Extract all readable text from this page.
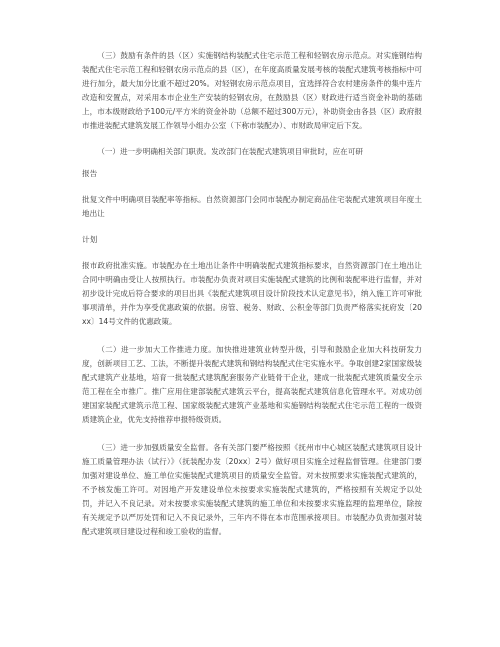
（三）鼓励有条件的县（区）实施钢结构装配式住宅示范工程和轻钢农房示范点。对实施钢结构装配式住宅示范工程和轻钢农房示范点的县（区），在年度高质量发展考核的装配式建筑考核指标中可进行加分，最大加分比重不超过20%。对轻钢农房示范点项目，宜选择符合农村建房条件的集中连片改造和安置点，对采用本市企业生产安装的轻钢农房，在鼓励县（区）财政进行适当资金补助的基础上，市本级财政给予100元/平方米的资金补助（总额不超过300万元），补助资金由各县（区）政府报市推进装配式建筑发展工作领导小组办公室（下称市装配办）、市财政局审定后下发。

（一）进一步明确相关部门职责。发改部门在装配式建筑项目审批时，应在可研

报告

批复文件中明确项目装配率等指标。自然资源部门会同市装配办制定商品住宅装配式建筑项目年度土地出让

计划

报市政府批准实施。市装配办在土地出让条件中明确装配式建筑指标要求，自然资源部门在土地出让合同中明确由受让人按照执行。市装配办负责对项目实施装配式建筑的比例和装配率进行监督，并对初步设计完成后符合要求的项目出具《装配式建筑项目设计阶段技术认定意见书》，纳入施工许可审批事项清单，并作为享受优惠政策的依据。房管、税务、财政、公积金等部门负责严格落实抚府发〔20xx〕14号文件的优惠政策。

（二）进一步加大工作推进力度。加快推进建筑业转型升级，引导和鼓励企业加大科技研发力度，创新项目工艺、工法，不断提升装配式建筑和钢结构装配式住宅实施水平。争取创建2家国家级装配式建筑产业基地，培育一批装配式建筑配套服务产业链骨干企业，建成一批装配式建筑质量安全示范工程在全市推广。推广应用住建部装配式建筑云平台，提高装配式建筑信息化管理水平。对成功创建国家装配式建筑示范工程、国家级装配式建筑产业基地和实施钢结构装配式住宅示范工程的一级资质建筑企业，优先支持推荐申报特级资质。

（三）进一步加强质量安全监督。各有关部门要严格按照《抚州市中心城区装配式建筑项目设计施工质量管理办法（试行）》（抚装配办发〔20xx〕2号）做好项目实施全过程监督管理。住建部门要加强对建设单位、施工单位实施装配式建筑项目的质量安全监管。对未按照要求实施装配式建筑的，不予核发施工许可。对因地产开发建设单位未按要求实施装配式建筑的，严格按照有关规定予以处罚，并记入不良记录。对未按要求实施装配式建筑的施工单位和未按要求实施监理的监理单位，除按有关规定予以严厉处罚和记入不良记录外，三年内不得在本市范围承接项目。市装配办负责加强对装配式建筑项目建设过程和竣工验收的监督。
